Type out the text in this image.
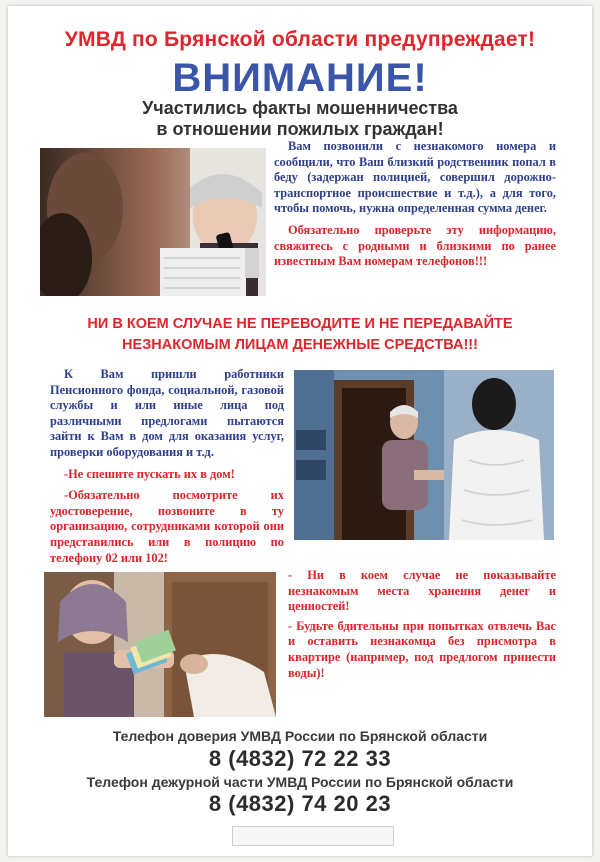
УМВД по Брянской области предупреждает!
ВНИМАНИЕ!
Участились факты мошенничества
в отношении пожилых граждан!

Вам позвонили с незнакомого номера и сообщили, что Ваш близкий родственник попал в беду (задержан полицией, совершил дорожно-транспортное происшествие и т.д.), а для того, чтобы помочь, нужна определенная сумма денег.

Обязательно проверьте эту информацию, свяжитесь с родными и близкими по ранее известным Вам номерам телефонов!!!

НИ В КОЕМ СЛУЧАЕ НЕ ПЕРЕВОДИТЕ И НЕ ПЕРЕДАВАЙТЕ
НЕЗНАКОМЫМ ЛИЦАМ ДЕНЕЖНЫЕ СРЕДСТВА!!!

К Вам пришли работники Пенсионного фонда, социальной, газовой службы и или иные лица под различными предлогами пытаются зайти к Вам в дом для оказания услуг, проверки оборудования и т.д.

-Не спешите пускать их в дом!

-Обязательно посмотрите их удостоверение, позвоните в ту организацию, сотрудниками которой они представились или в полицию по телефону 02 или 102!

- Ни в коем случае не показывайте незнакомым места хранения денег и ценностей!

- Будьте бдительны при попытках отвлечь Вас и оставить незнакомца без присмотра в квартире (например, под предлогом принести воды)!

Телефон доверия УМВД России по Брянской области
8 (4832) 72 22 33
Телефон дежурной части УМВД России по Брянской области
8 (4832) 74 20 23
